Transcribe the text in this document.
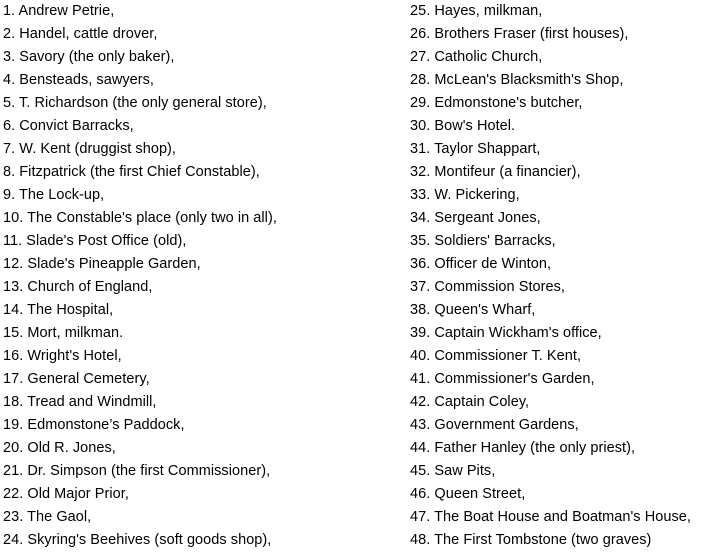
1. Andrew Petrie,
2. Handel, cattle drover,
3. Savory (the only baker),
4. Bensteads, sawyers,
5. T. Richardson (the only general store),
6. Convict Barracks,
7. W. Kent (druggist shop),
8. Fitzpatrick (the first Chief Constable),
9. The Lock-up,
10. The Constable's place (only two in all),
11. Slade's Post Office (old),
12. Slade's Pineapple Garden,
13. Church of England,
14. The Hospital,
15. Mort, milkman.
16. Wright's Hotel,
17. General Cemetery,
18. Tread and Windmill,
19. Edmonstone’s Paddock,
20. Old R. Jones,
21. Dr. Simpson (the first Commissioner),
22. Old Major Prior,
23. The Gaol,
24. Skyring's Beehives (soft goods shop),
25. Hayes, milkman,
26. Brothers Fraser (first houses),
27. Catholic Church,
28. McLean's Blacksmith's Shop,
29. Edmonstone's butcher,
30. Bow's Hotel.
31. Taylor Shappart,
32. Montifeur (a financier),
33. W. Pickering,
34. Sergeant Jones,
35. Soldiers' Barracks,
36. Officer de Winton,
37. Commission Stores,
38. Queen's Wharf,
39. Captain Wickham's office,
40. Commissioner T. Kent,
41. Commissioner's Garden,
42. Captain Coley,
43. Government Gardens,
44. Father Hanley (the only priest),
45. Saw Pits,
46. Queen Street,
47. The Boat House and Boatman's House,
48. The First Tombstone (two graves)
